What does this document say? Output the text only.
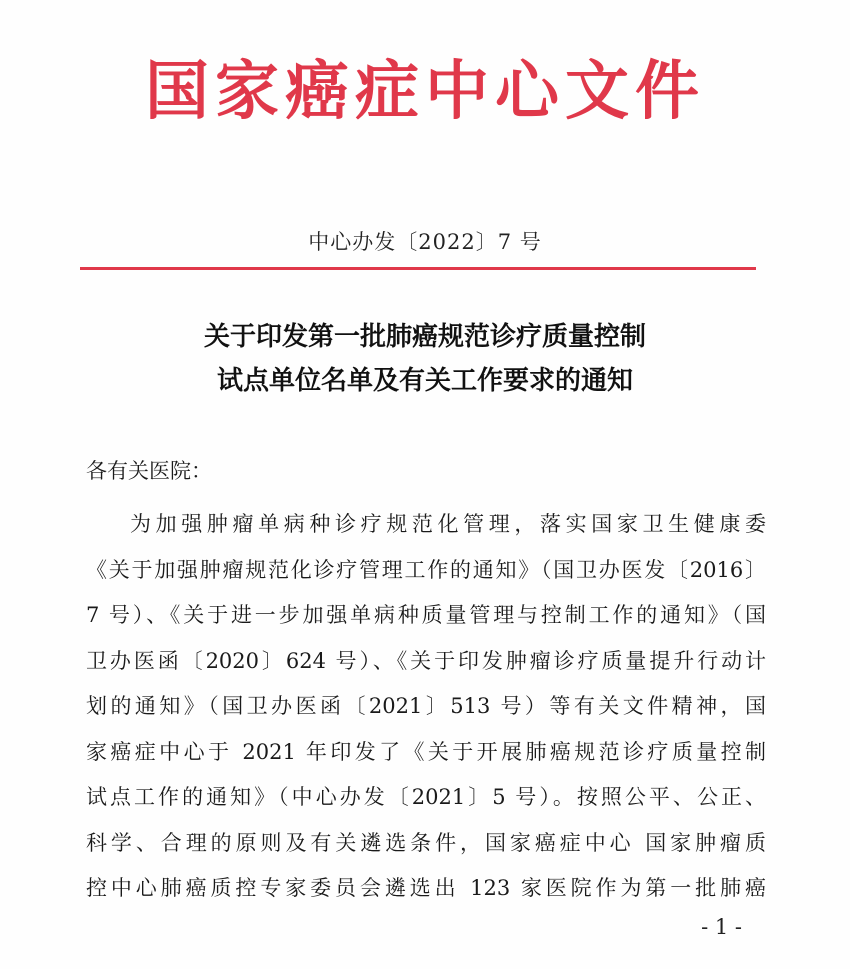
国家癌症中心文件
中心办发〔2022〕7 号
关于印发第一批肺癌规范诊疗质量控制
试点单位名单及有关工作要求的通知
各有关医院：
为加强肿瘤单病种诊疗规范化管理，落实国家卫生健康委
《关于加强肿瘤规范化诊疗管理工作的通知》（国卫办医发〔2016〕
7 号）、《关于进一步加强单病种质量管理与控制工作的通知》（国
卫办医函〔2020〕624 号）、《关于印发肿瘤诊疗质量提升行动计
划的通知》（国卫办医函〔2021〕513 号）等有关文件精神，国
家癌症中心于 2021 年印发了《关于开展肺癌规范诊疗质量控制
试点工作的通知》（中心办发〔2021〕5 号）。按照公平、公正、
科学、合理的原则及有关遴选条件，国家癌症中心 国家肿瘤质
控中心肺癌质控专家委员会遴选出 123 家医院作为第一批肺癌
- 1 -
